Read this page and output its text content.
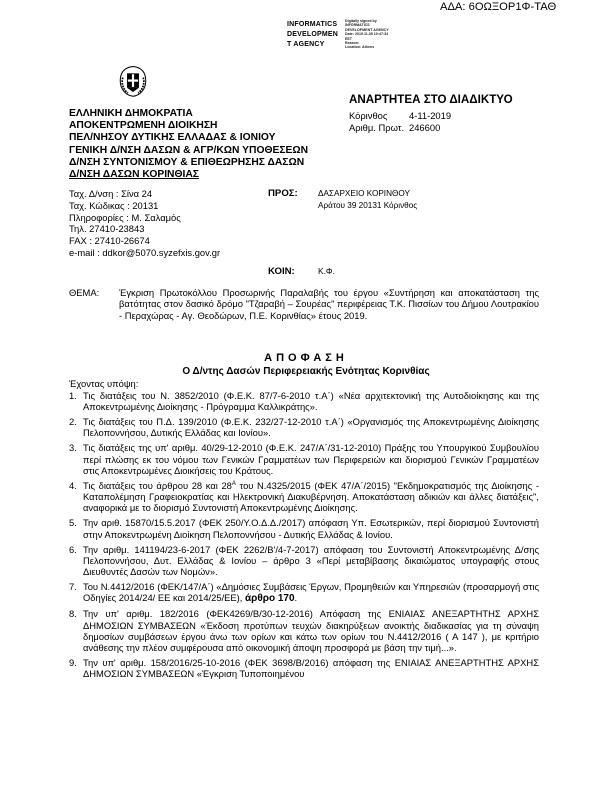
ΑΔΑ: 6ΟΩΞΟΡ1Φ-ΤΑΘ
INFORMATICS
DEVELOPMEN
T AGENCY
Digitally signed by
INFORMATICS
DEVELOPMENT AGENCY
Date: 2019.11.05 10:47:34
EET
Reason:
Location: Athens
ΕΛΛΗΝΙΚΗ ΔΗΜΟΚΡΑΤΙΑ
ΑΠΟΚΕΝΤΡΩΜΕΝΗ ΔΙΟΙΚΗΣΗ
ΠΕΛ/ΝΗΣΟΥ ΔΥΤΙΚΗΣ ΕΛΛΑΔΑΣ & ΙΟΝΙΟΥ
ΓΕΝΙΚΗ Δ/ΝΣΗ ΔΑΣΩΝ & ΑΓΡ/ΚΩΝ ΥΠΟΘΕΣΕΩΝ
Δ/ΝΣΗ ΣΥΝΤΟΝΙΣΜΟΥ & ΕΠΙΘΕΩΡΗΣΗΣ ΔΑΣΩΝ
Δ/ΝΣΗ ΔΑΣΩΝ ΚΟΡΙΝΘΙΑΣ
ΑΝΑΡΤΗΤΕΑ ΣΤΟ ΔΙΑΔΙΚΤΥΟ
Κόρινθος	4-11-2019
Αριθμ. Πρωτ. 246600
Ταχ. Δ/νση : Σίνα 24
Ταχ. Κώδικας : 20131
Πληροφορίες : Μ. Σαλαμός
Τηλ. 27410-23843
FAX : 27410-26674
e-mail : ddkor@5070.syzefxis.gov.gr
ΠΡΟΣ: ΔΑΣΑΡΧΕΙΟ ΚΟΡΙΝΘΟΥ
Αράτου 39 20131 Κόρινθος
ΚΟΙΝ:	Κ.Φ.
ΘΕΜΑ: Έγκριση Πρωτοκόλλου Προσωρινής Παραλαβής του έργου «Συντήρηση και αποκατάσταση της βατότητας στον δασικό δρόμο "Τζαραβή – Σουρέας" περιφέρειας Τ.Κ. Πισσίων του Δήμου Λουτρακίου - Περαχώρας - Αγ. Θεοδώρων, Π.Ε. Κορινθίας» έτους 2019.
ΑΠΟΦΑΣΗ
Ο Δ/ντης Δασών Περιφερειακής Ενότητας Κορινθίας
Έχοντας υπόψη:
1. Τις διατάξεις του Ν. 3852/2010 (Φ.Ε.Κ. 87/7-6-2010 τ.Α΄) «Νέα αρχιτεκτονική της Αυτοδιοίκησης και της Αποκεντρωμένης Διοίκησης - Πρόγραμμα Καλλικράτης».
2. Τις διατάξεις του Π.Δ. 139/2010 (Φ.Ε.Κ. 232/27-12-2010 τ.Α΄) «Οργανισμός της Αποκεντρωμένης Διοίκησης Πελοποννήσου, Δυτικής Ελλάδας και Ιονίου».
3. Τις διατάξεις της υπ' αριθμ. 40/29-12-2010 (Φ.Ε.Κ. 247/Α΄/31-12-2010) Πράξης του Υπουργικού Συμβουλίου περί πλώσης εκ του νόμου των Γενικών Γραμματέων των Περιφερειών και διορισμού Γενικών Γραμματέων στις Αποκεντρωμένες Διοικήσεις του Κράτους.
4. Τις διατάξεις του άρθρου 28 και $28^A$ του Ν.4325/2015 (ΦΕΚ 47/Α΄/2015) "Εκδημοκρατισμός της Διοίκησης - Καταπολέμηση Γραφειοκρατίας και Ηλεκτρονική Διακυβέρνηση. Αποκατάσταση αδικιών και άλλες διατάξεις", αναφορικά με το διορισμό Συντονιστή Αποκεντρωμένης Διοίκησης.
5. Την αριθ. 15870/15.5.2017 (ΦΕΚ 250/Υ.Ο.Δ.Δ./2017) απόφαση Υπ. Εσωτερικών, περί διορισμού Συντονιστή στην Αποκεντρωμένη Διοίκηση Πελοποννήσου - Δυτικής Ελλάδας & Ιονίου.
6. Την αριθμ. 141194/23-6-2017 (ΦΕΚ 2262/Β'/4-7-2017) απόφαση του Συντονιστή Αποκεντρωμένης Δ/σης Πελοποννήσου, Δυτ. Ελλάδας & Ιονίου – άρθρο 3 «Περί μεταβίβασης δικαιώματος υπογραφής στους Διευθυντές Δασών των Νομών».
7. Του Ν.4412/2016 (ΦΕΚ/147/Α΄) «Δημόσιες Συμβάσεις Έργων, Προμηθειών και Υπηρεσιών (προσαρμογή στις Οδηγίες 2014/24/ ΕΕ και 2014/25/ΕΕ), άρθρο 170.
8. Την υπ' αριθμ. 182/2016 (ΦΕΚ4269/Β/30-12-2016) Απόφαση της ΕΝΙΑΙΑΣ ΑΝΕΞΑΡΤΗΤΗΣ ΑΡΧΗΣ ΔΗΜΟΣΙΩΝ ΣΥΜΒΑΣΕΩΝ «Έκδοση προτύπων τευχών διακηρύξεων ανοικτής διαδικασίας για τη σύναψη δημοσίων συμβάσεων έργου άνω των ορίων και κάτω των ορίων του Ν.4412/2016 ( Α 147 ), με κριτήριο ανάθεσης την πλέον συμφέρουσα από οικονομική άποψη προσφορά με βάση την τιμή...».
9. Την υπ' αριθμ. 158/2016/25-10-2016 (ΦΕΚ 3698/Β/2016) απόφαση της ΕΝΙΑΙΑΣ ΑΝΕΞΑΡΤΗΤΗΣ ΑΡΧΗΣ ΔΗΜΟΣΙΩΝ ΣΥΜΒΑΣΕΩΝ «Έγκριση Τυποποιημένου
